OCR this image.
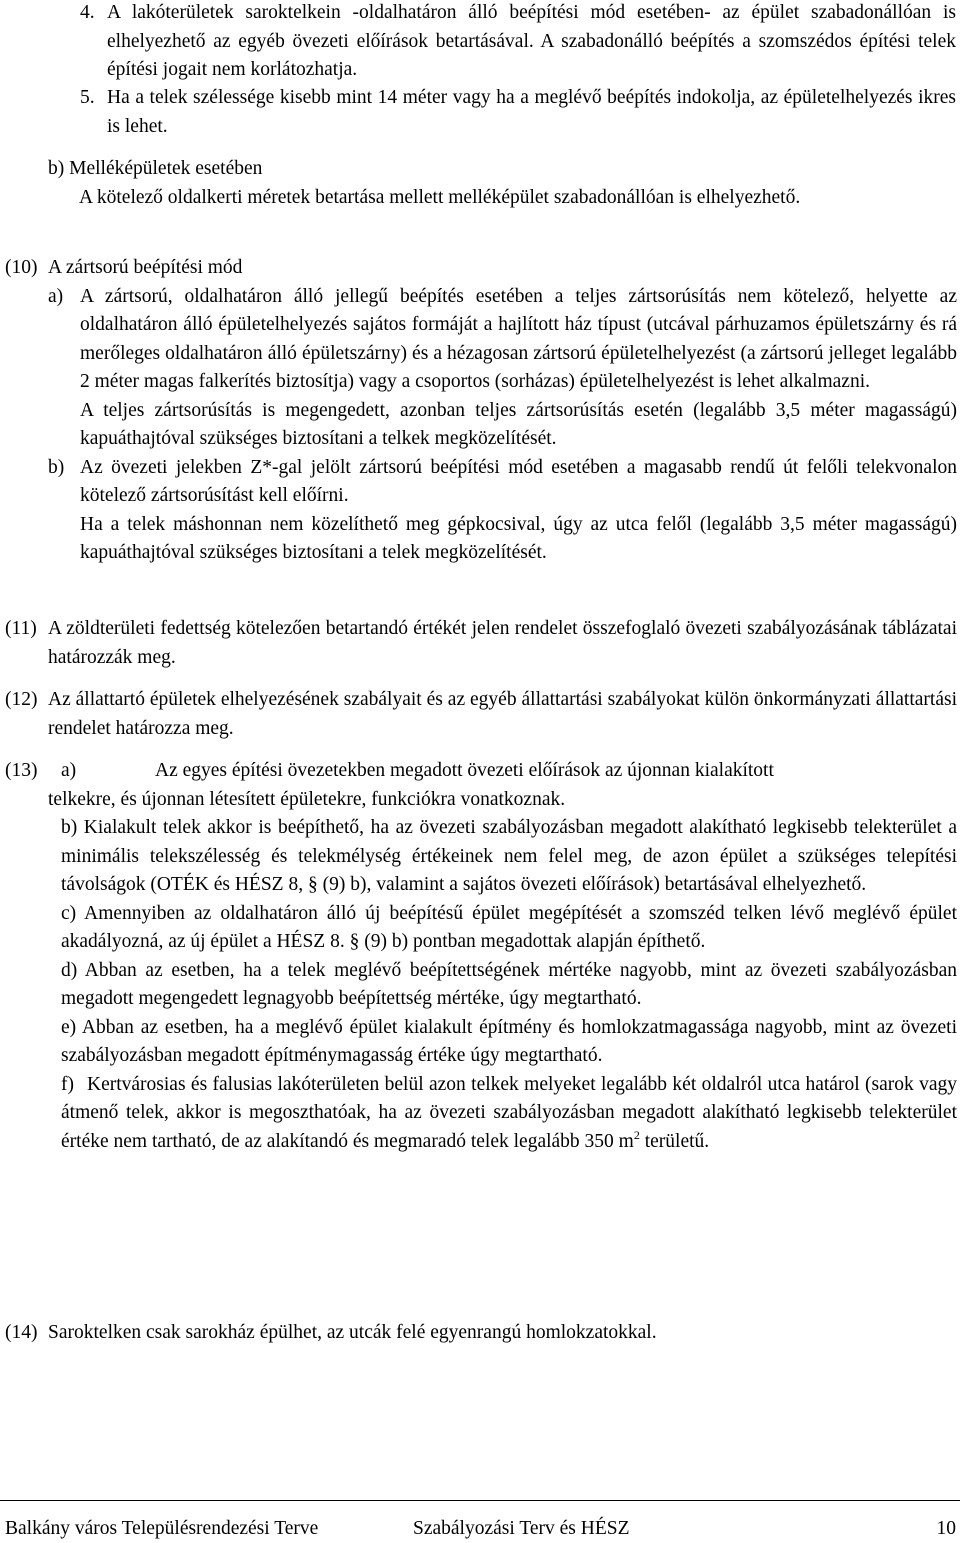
4. A lakóterületek saroktelkein -oldalhatáron álló beépítési mód esetében- az épület szabadonállóan is elhelyezhető az egyéb övezeti előírások betartásával. A szabadonálló beépítés a szomszédos építési telek építési jogait nem korlátozhatja.

5. Ha a telek szélessége kisebb mint 14 méter vagy ha a meglévő beépítés indokolja, az épületelhelyezés ikres is lehet.

b) Melléképületek esetében

A kötelező oldalkerti méretek betartása mellett melléképület szabadonállóan is elhelyezhető.

(10) A zártsorú beépítési mód

a) A zártsorú, oldalhatáron álló jellegű beépítés esetében a teljes zártsorúsítás nem kötelező, helyette az oldalhatáron álló épületelhelyezés sajátos formáját a hajlított ház típust (utcával párhuzamos épületszárny és rá merőleges oldalhatáron álló épületszárny) és a hézagosan zártsorú épületelhelyezést (a zártsorú jelleget legalább 2 méter magas falkerítés biztosítja) vagy a csoportos (sorházas) épületelhelyezést is lehet alkalmazni.

A teljes zártsorúsítás is megengedett, azonban teljes zártsorúsítás esetén (legalább 3,5 méter magasságú) kapuáthajtóval szükséges biztosítani a telkek megközelítését.

b) Az övezeti jelekben Z*-gal jelölt zártsorú beépítési mód esetében a magasabb rendű út felőli telekvonalon kötelező zártsorúsítást kell előírni.

Ha a telek máshonnan nem közelíthető meg gépkocsival, úgy az utca felől (legalább 3,5 méter magasságú) kapuáthajtóval szükséges biztosítani a telek megközelítését.

(11) A zöldterületi fedettség kötelezően betartandó értékét jelen rendelet összefoglaló övezeti szabályozásának táblázatai határozzák meg.

(12) Az állattartó épületek elhelyezésének szabályait és az egyéb állattartási szabályokat külön önkormányzati állattartási rendelet határozza meg.

(13) a)	Az egyes építési övezetekben megadott övezeti előírások az újonnan kialakított

telkekre, és újonnan létesített épületekre, funkciókra vonatkoznak.

b) Kialakult telek akkor is beépíthető, ha az övezeti szabályozásban megadott alakítható legkisebb telekterület a minimális telekszélesség és telekmélység értékeinek nem felel meg, de azon épület a szükséges telepítési távolságok (OTÉK és HÉSZ 8, § (9) b), valamint a sajátos övezeti előírások) betartásával elhelyezhető.

c) Amennyiben az oldalhatáron álló új beépítésű épület megépítését a szomszéd telken lévő meglévő épület akadályozná, az új épület a HÉSZ 8. § (9) b) pontban megadottak alapján építhető.

d) Abban az esetben, ha a telek meglévő beépítettségének mértéke nagyobb, mint az övezeti szabályozásban megadott megengedett legnagyobb beépítettség mértéke, úgy megtartható.

e) Abban az esetben, ha a meglévő épület kialakult építmény és homlokzatmagassága nagyobb, mint az övezeti szabályozásban megadott építménymagasság értéke úgy megtartható.

f) Kertvárosias és falusias lakóterületen belül azon telkek melyeket legalább két oldalról utca határol (sarok vagy átmenő telek, akkor is megoszthatóak, ha az övezeti szabályozásban megadott alakítható legkisebb telekterület értéke nem tartható, de az alakítandó és megmaradó telek legalább 350 $m^2$ területű.

(14) Saroktelken csak sarokház épülhet, az utcák felé egyenrangú homlokzatokkal.

Balkány város Településrendezési Terve	Szabályozási Terv és HÉSZ	10
